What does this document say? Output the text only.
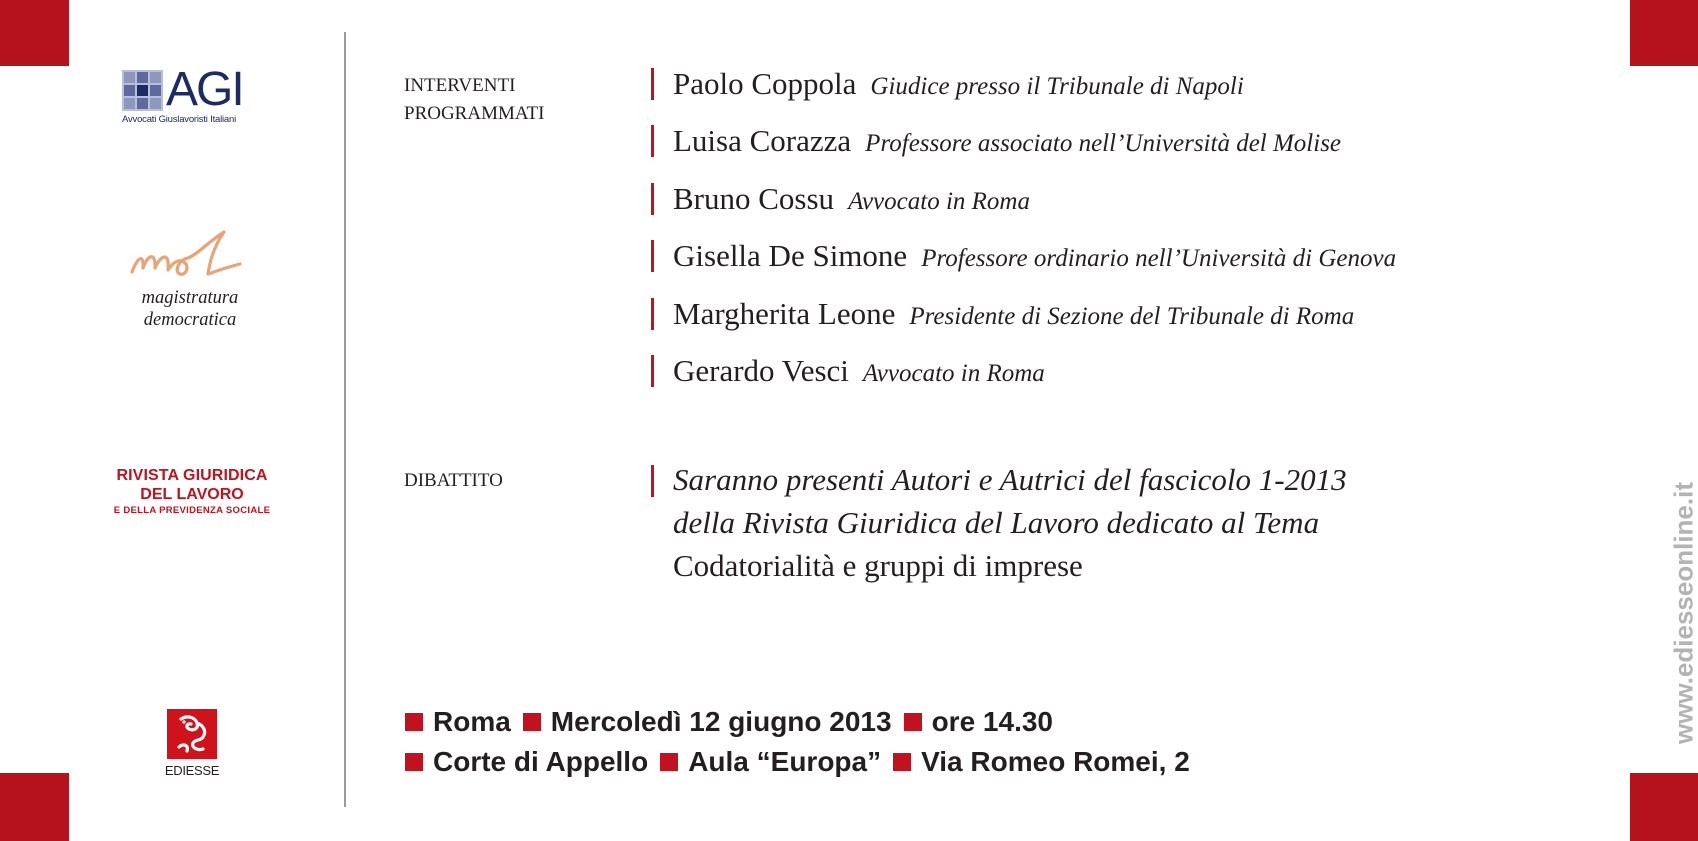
AGI
Avvocati Giuslavoristi Italiani
magistratura
democratica
RIVISTA GIURIDICA
DEL LAVORO
E DELLA PREVIDENZA SOCIALE
EDIESSE
INTERVENTI
PROGRAMMATI
DIBATTITO
Paolo Coppola Giudice presso il Tribunale di Napoli
Luisa Corazza Professore associato nell’Università del Molise
Bruno Cossu Avvocato in Roma
Gisella De Simone Professore ordinario nell’Università di Genova
Margherita Leone Presidente di Sezione del Tribunale di Roma
Gerardo Vesci Avvocato in Roma
Saranno presenti Autori e Autrici del fascicolo 1-2013
della Rivista Giuridica del Lavoro dedicato al Tema
Codatorialità e gruppi di imprese
Roma Mercoledì 12 giugno 2013 ore 14.30
Corte di Appello Aula “Europa” Via Romeo Romei, 2
www.ediesseonline.it
